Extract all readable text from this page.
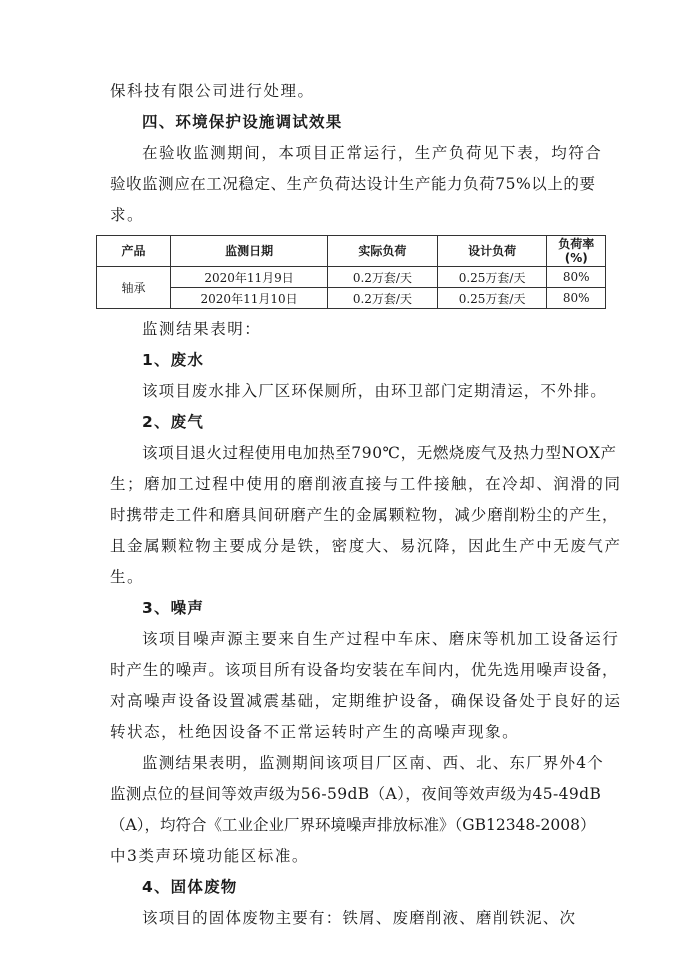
保科技有限公司进行处理。
四、环境保护设施调试效果
在验收监测期间，本项目正常运行，生产负荷见下表，均符合
验收监测应在工况稳定、生产负荷达设计生产能力负荷75%以上的要
求。
产品	监测日期	实际负荷	设计负荷	负荷率
(%)

轴承	2020年11月9日	0.2万套/天	0.25万套/天	80%
	2020年11月10日	0.2万套/天	0.25万套/天	80%
监测结果表明：
1、废水
该项目废水排入厂区环保厕所，由环卫部门定期清运，不外排。
2、废气
该项目退火过程使用电加热至790℃，无燃烧废气及热力型NOX产
生；磨加工过程中使用的磨削液直接与工件接触，在冷却、润滑的同
时携带走工件和磨具间研磨产生的金属颗粒物，减少磨削粉尘的产生，
且金属颗粒物主要成分是铁，密度大、易沉降，因此生产中无废气产
生。
3、噪声
该项目噪声源主要来自生产过程中车床、磨床等机加工设备运行
时产生的噪声。该项目所有设备均安装在车间内，优先选用噪声设备，
对高噪声设备设置减震基础，定期维护设备，确保设备处于良好的运
转状态，杜绝因设备不正常运转时产生的高噪声现象。
监测结果表明，监测期间该项目厂区南、西、北、东厂界外4个
监测点位的昼间等效声级为56-59dB（A），夜间等效声级为45-49dB
（A），均符合《工业企业厂界环境噪声排放标准》（GB12348-2008）
中3类声环境功能区标准。
4、固体废物
该项目的固体废物主要有：铁屑、废磨削液、磨削铁泥、次
